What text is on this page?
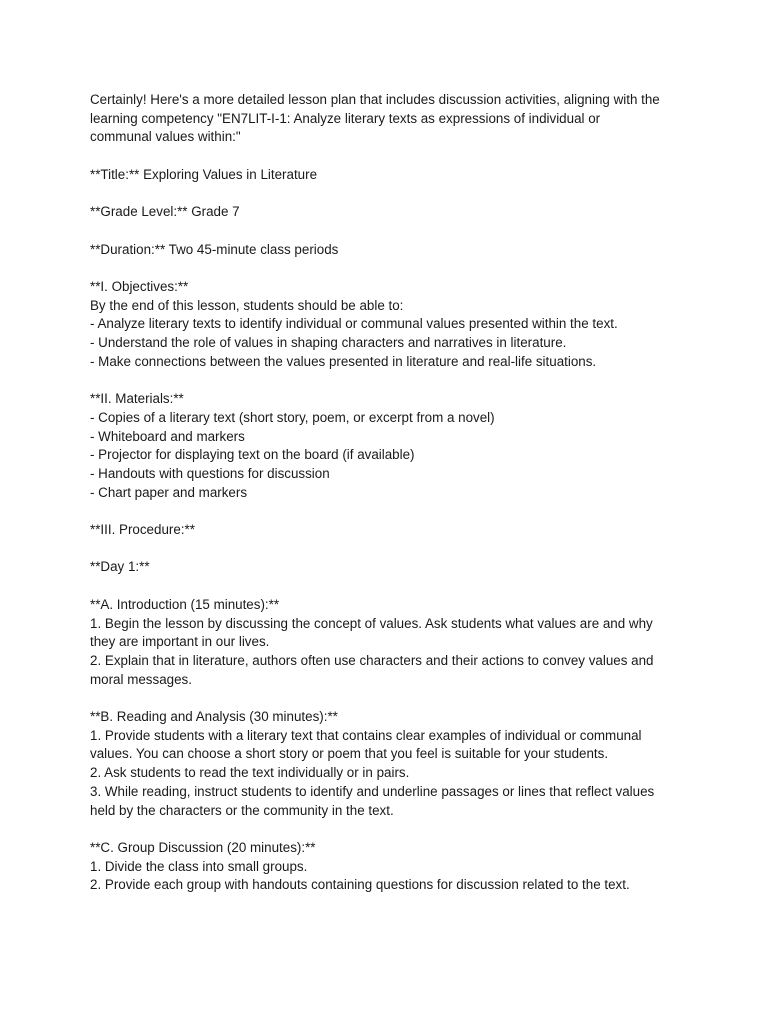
Certainly! Here's a more detailed lesson plan that includes discussion activities, aligning with the
learning competency "EN7LIT-I-1: Analyze literary texts as expressions of individual or
communal values within:"
**Title:** Exploring Values in Literature
**Grade Level:** Grade 7
**Duration:** Two 45-minute class periods
**I. Objectives:**
By the end of this lesson, students should be able to:
- Analyze literary texts to identify individual or communal values presented within the text.
- Understand the role of values in shaping characters and narratives in literature.
- Make connections between the values presented in literature and real-life situations.
**II. Materials:**
- Copies of a literary text (short story, poem, or excerpt from a novel)
- Whiteboard and markers
- Projector for displaying text on the board (if available)
- Handouts with questions for discussion
- Chart paper and markers
**III. Procedure:**
**Day 1:**
**A. Introduction (15 minutes):**
1. Begin the lesson by discussing the concept of values. Ask students what values are and why
they are important in our lives.
2. Explain that in literature, authors often use characters and their actions to convey values and
moral messages.
**B. Reading and Analysis (30 minutes):**
1. Provide students with a literary text that contains clear examples of individual or communal
values. You can choose a short story or poem that you feel is suitable for your students.
2. Ask students to read the text individually or in pairs.
3. While reading, instruct students to identify and underline passages or lines that reflect values
held by the characters or the community in the text.
**C. Group Discussion (20 minutes):**
1. Divide the class into small groups.
2. Provide each group with handouts containing questions for discussion related to the text.
